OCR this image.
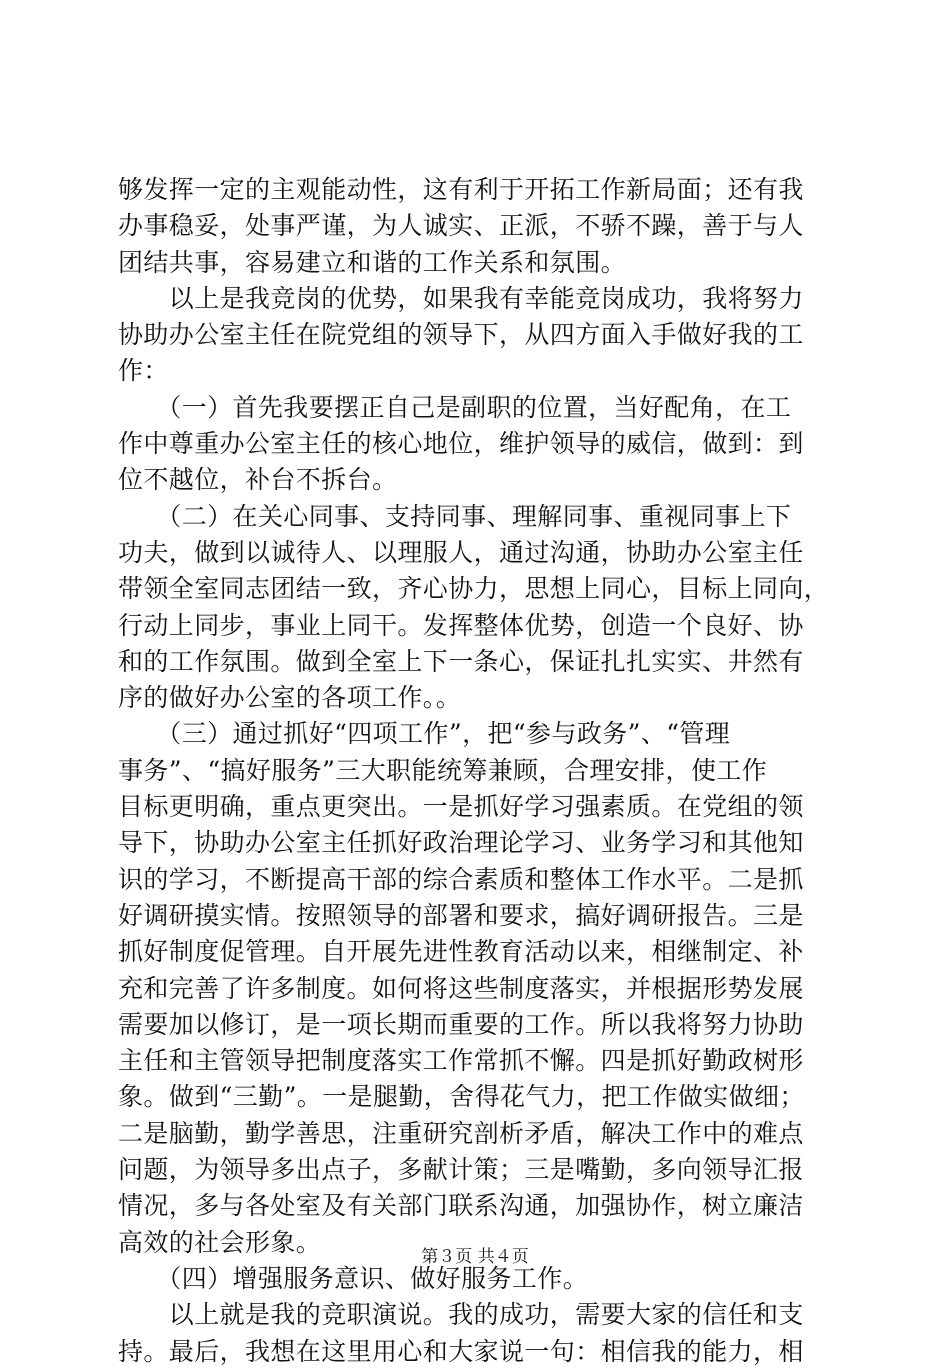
够发挥一定的主观能动性，这有利于开拓工作新局面；还有我
办事稳妥，处事严谨，为人诚实、正派，不骄不躁，善于与人
团结共事，容易建立和谐的工作关系和氛围。
　　以上是我竞岗的优势，如果我有幸能竞岗成功，我将努力
协助办公室主任在院党组的领导下，从四方面入手做好我的工
作：
　　（一）首先我要摆正自己是副职的位置，当好配角，在工
作中尊重办公室主任的核心地位，维护领导的威信，做到：到
位不越位，补台不拆台。
　　（二）在关心同事、支持同事、理解同事、重视同事上下
功夫，做到以诚待人、以理服人，通过沟通，协助办公室主任
带领全室同志团结一致，齐心协力，思想上同心，目标上同向，
行动上同步，事业上同干。发挥整体优势，创造一个良好、协
和的工作氛围。做到全室上下一条心，保证扎扎实实、井然有
序的做好办公室的各项工作。。
　　（三）通过抓好“四项工作”，把“参与政务”、“管理
事务”、“搞好服务”三大职能统筹兼顾，合理安排，使工作
目标更明确，重点更突出。一是抓好学习强素质。在党组的领
导下，协助办公室主任抓好政治理论学习、业务学习和其他知
识的学习，不断提高干部的综合素质和整体工作水平。二是抓
好调研摸实情。按照领导的部署和要求，搞好调研报告。三是
抓好制度促管理。自开展先进性教育活动以来，相继制定、补
充和完善了许多制度。如何将这些制度落实，并根据形势发展
需要加以修订，是一项长期而重要的工作。所以我将努力协助
主任和主管领导把制度落实工作常抓不懈。四是抓好勤政树形
象。做到“三勤”。一是腿勤，舍得花气力，把工作做实做细；
二是脑勤，勤学善思，注重研究剖析矛盾，解决工作中的难点
问题，为领导多出点子，多献计策；三是嘴勤，多向领导汇报
情况，多与各处室及有关部门联系沟通，加强协作，树立廉洁
高效的社会形象。
　　（四）增强服务意识、做好服务工作。
　　以上就是我的竞职演说。我的成功，需要大家的信任和支
持。最后，我想在这里用心和大家说一句：相信我的能力，相
第３页 共４页
